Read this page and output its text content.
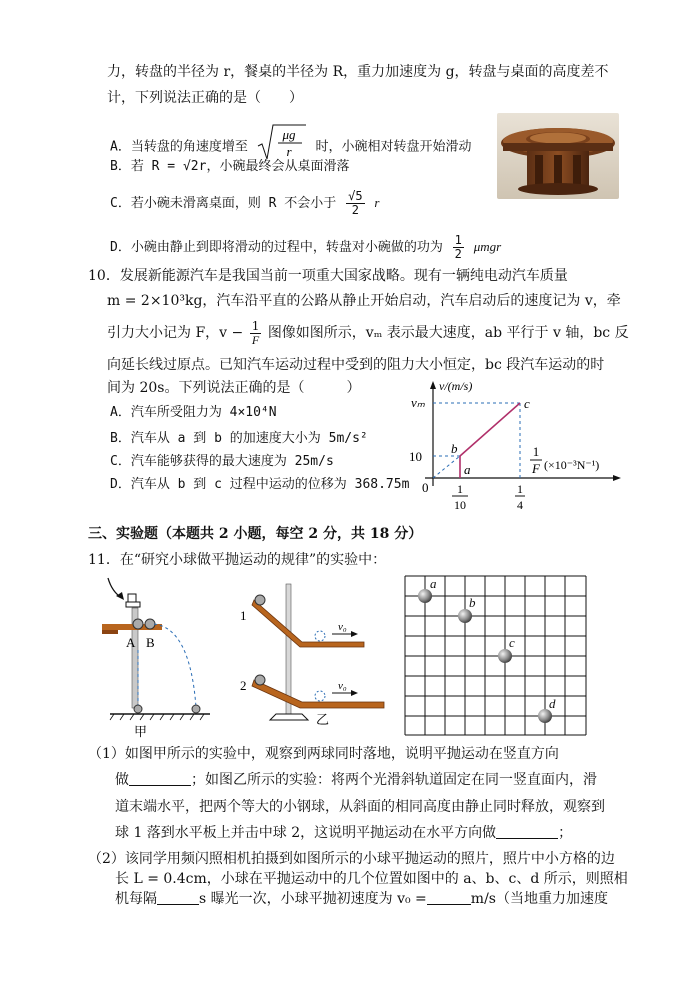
力，转盘的半径为 r，餐桌的半径为 R，重力加速度为 g，转盘与桌面的高度差不
计，下列说法正确的是（　　）
A．当转盘的角速度增至
μg
r 时，小碗相对转盘开始滑动
B．若 R = √2r，小碗最终会从桌面滑落
C．若小碗未滑离桌面，则 R 不会小于 $\frac{√5}{2}$ r
D．小碗由静止到即将滑动的过程中，转盘对小碗做的功为 $\frac{1}{2}$ μmgr
10．发展新能源汽车是我国当前一项重大国家战略。现有一辆纯电动汽车质量
m = 2×10³kg，汽车沿平直的公路从静止开始启动，汽车启动后的速度记为 v，牵
引力大小记为 F，$v - \frac{1}{F}$ 图像如图所示，vₘ 表示最大速度，ab 平行于 v 轴，bc 反
向延长线过原点。已知汽车运动过程中受到的阻力大小恒定，bc 段汽车运动的时
间为 20s。下列说法正确的是（　　　）
A．汽车所受阻力为 4×10⁴N
B．汽车从 a 到 b 的加速度大小为 5m/s²
C．汽车能够获得的最大速度为 25m/s
D．汽车从 b 到 c 过程中运动的位移为 368.75m
v/(m/s)
vₘ
10
0
a
b
c
1
F (×10⁻³N⁻¹)
1
10
1
4
三、实验题（本题共 2 小题，每空 2 分，共 18 分）
11．在“研究小球做平抛运动的规律”的实验中：
A B
甲
1
v₀
2	v₀
乙
a
b
c
d
（1）如图甲所示的实验中，观察到两球同时落地，说明平抛运动在竖直方向
做	；如图乙所示的实验：将两个光滑斜轨道固定在同一竖直面内，滑
道末端水平，把两个等大的小钢球，从斜面的相同高度由静止同时释放，观察到
球 1 落到水平板上并击中球 2，这说明平抛运动在水平方向做	；
（2）该同学用频闪照相机拍摄到如图所示的小球平抛运动的照片，照片中小方格的边
长 L = 0.4cm，小球在平抛运动中的几个位置如图中的 a、b、c、d 所示，则照相
机每隔	s 曝光一次，小球平抛初速度为 v₀ =	m/s（当地重力加速度
